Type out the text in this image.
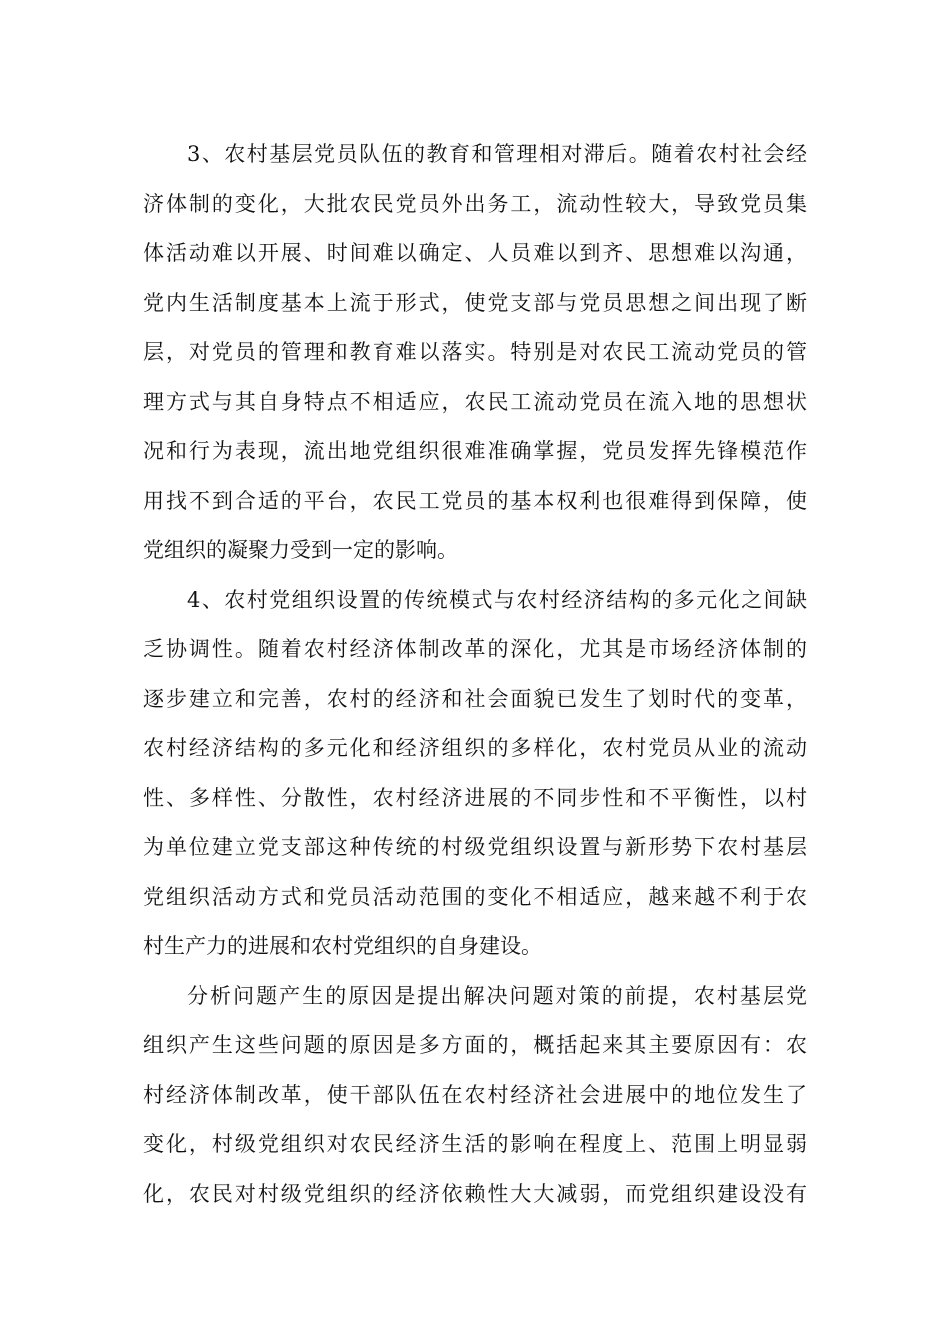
3、农村基层党员队伍的教育和管理相对滞后。随着农村社会经
济体制的变化，大批农民党员外出务工，流动性较大，导致党员集
体活动难以开展、时间难以确定、人员难以到齐、思想难以沟通，
党内生活制度基本上流于形式，使党支部与党员思想之间出现了断
层，对党员的管理和教育难以落实。特别是对农民工流动党员的管
理方式与其自身特点不相适应，农民工流动党员在流入地的思想状
况和行为表现，流出地党组织很难准确掌握，党员发挥先锋模范作
用找不到合适的平台，农民工党员的基本权利也很难得到保障，使
党组织的凝聚力受到一定的影响。
4、农村党组织设置的传统模式与农村经济结构的多元化之间缺
乏协调性。随着农村经济体制改革的深化，尤其是市场经济体制的
逐步建立和完善，农村的经济和社会面貌已发生了划时代的变革，
农村经济结构的多元化和经济组织的多样化，农村党员从业的流动
性、多样性、分散性，农村经济进展的不同步性和不平衡性，以村
为单位建立党支部这种传统的村级党组织设置与新形势下农村基层
党组织活动方式和党员活动范围的变化不相适应，越来越不利于农
村生产力的进展和农村党组织的自身建设。
分析问题产生的原因是提出解决问题对策的前提，农村基层党
组织产生这些问题的原因是多方面的，概括起来其主要原因有：农
村经济体制改革，使干部队伍在农村经济社会进展中的地位发生了
变化，村级党组织对农民经济生活的影响在程度上、范围上明显弱
化，农民对村级党组织的经济依赖性大大减弱，而党组织建设没有
